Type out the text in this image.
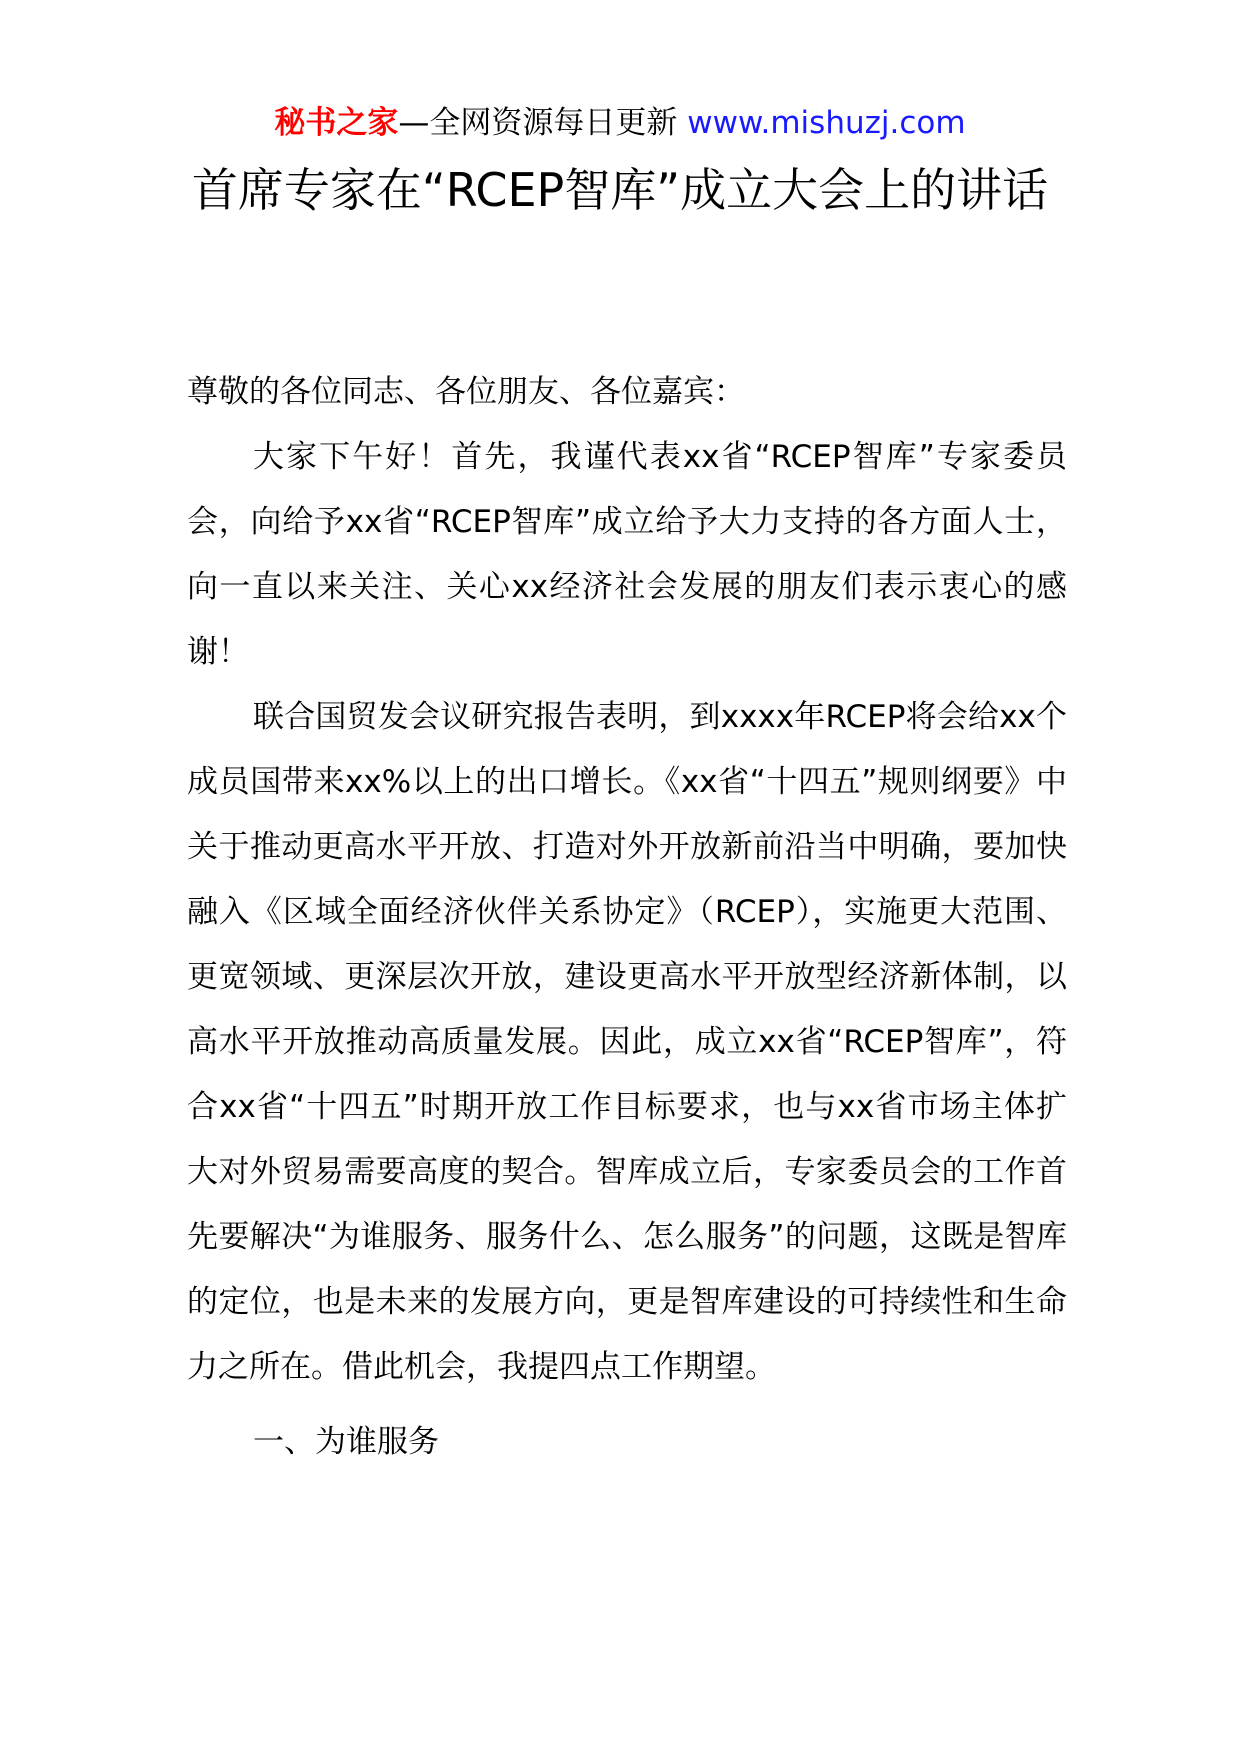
秘书之家—全网资源每日更新 www.mishuzj.com
首席专家在“RCEP智库”成立大会上的讲话

尊敬的各位同志、各位朋友、各位嘉宾：

大家下午好！首先，我谨代表xx省“RCEP智库”专家委员会，向给予xx省“RCEP智库”成立给予大力支持的各方面人士，向一直以来关注、关心xx经济社会发展的朋友们表示衷心的感谢！

联合国贸发会议研究报告表明，到xxxx年RCEP将会给xx个成员国带来xx%以上的出口增长。《xx省“十四五”规则纲要》中关于推动更高水平开放、打造对外开放新前沿当中明确，要加快融入《区域全面经济伙伴关系协定》（RCEP），实施更大范围、更宽领域、更深层次开放，建设更高水平开放型经济新体制，以高水平开放推动高质量发展。因此，成立xx省“RCEP智库”，符合xx省“十四五”时期开放工作目标要求，也与xx省市场主体扩大对外贸易需要高度的契合。智库成立后，专家委员会的工作首先要解决“为谁服务、服务什么、怎么服务”的问题，这既是智库的定位，也是未来的发展方向，更是智库建设的可持续性和生命力之所在。借此机会，我提四点工作期望。

一、为谁服务
